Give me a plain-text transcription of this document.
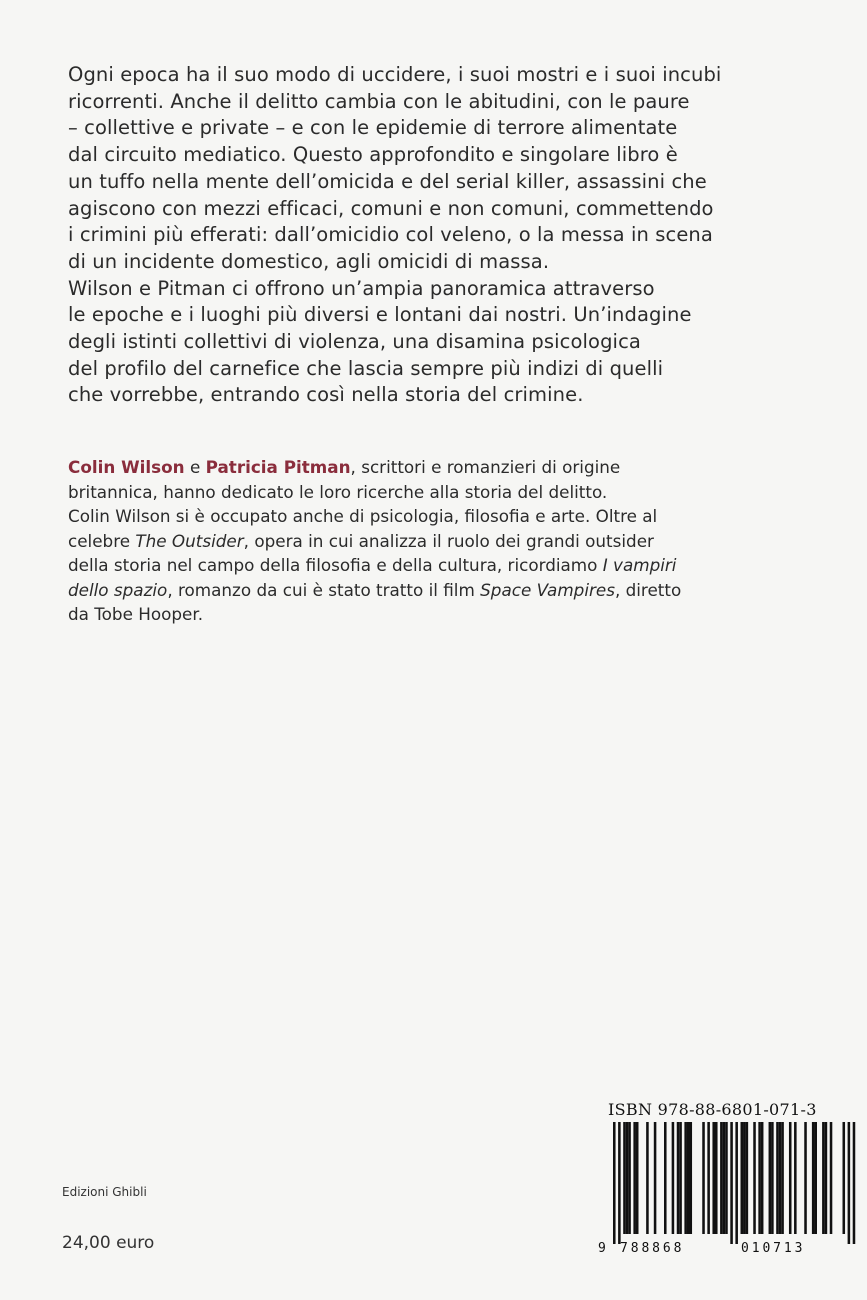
Ogni epoca ha il suo modo di uccidere, i suoi mostri e i suoi incubi
ricorrenti. Anche il delitto cambia con le abitudini, con le paure
– collettive e private – e con le epidemie di terrore alimentate
dal circuito mediatico. Questo approfondito e singolare libro è
un tuffo nella mente dell’omicida e del serial killer, assassini che
agiscono con mezzi efficaci, comuni e non comuni, commettendo
i crimini più efferati: dall’omicidio col veleno, o la messa in scena
di un incidente domestico, agli omicidi di massa.
Wilson e Pitman ci offrono un’ampia panoramica attraverso
le epoche e i luoghi più diversi e lontani dai nostri. Un’indagine
degli istinti collettivi di violenza, una disamina psicologica
del profilo del carnefice che lascia sempre più indizi di quelli
che vorrebbe, entrando così nella storia del crimine.
Colin Wilson e Patricia Pitman, scrittori e romanzieri di origine
britannica, hanno dedicato le loro ricerche alla storia del delitto.
Colin Wilson si è occupato anche di psicologia, filosofia e arte. Oltre al
celebre The Outsider, opera in cui analizza il ruolo dei grandi outsider
della storia nel campo della filosofia e della cultura, ricordiamo I vampiri
dello spazio, romanzo da cui è stato tratto il film Space Vampires, diretto
da Tobe Hooper.
Edizioni Ghibli
24,00 euro
ISBN 978-88-6801-071-3
9 788868	010713
